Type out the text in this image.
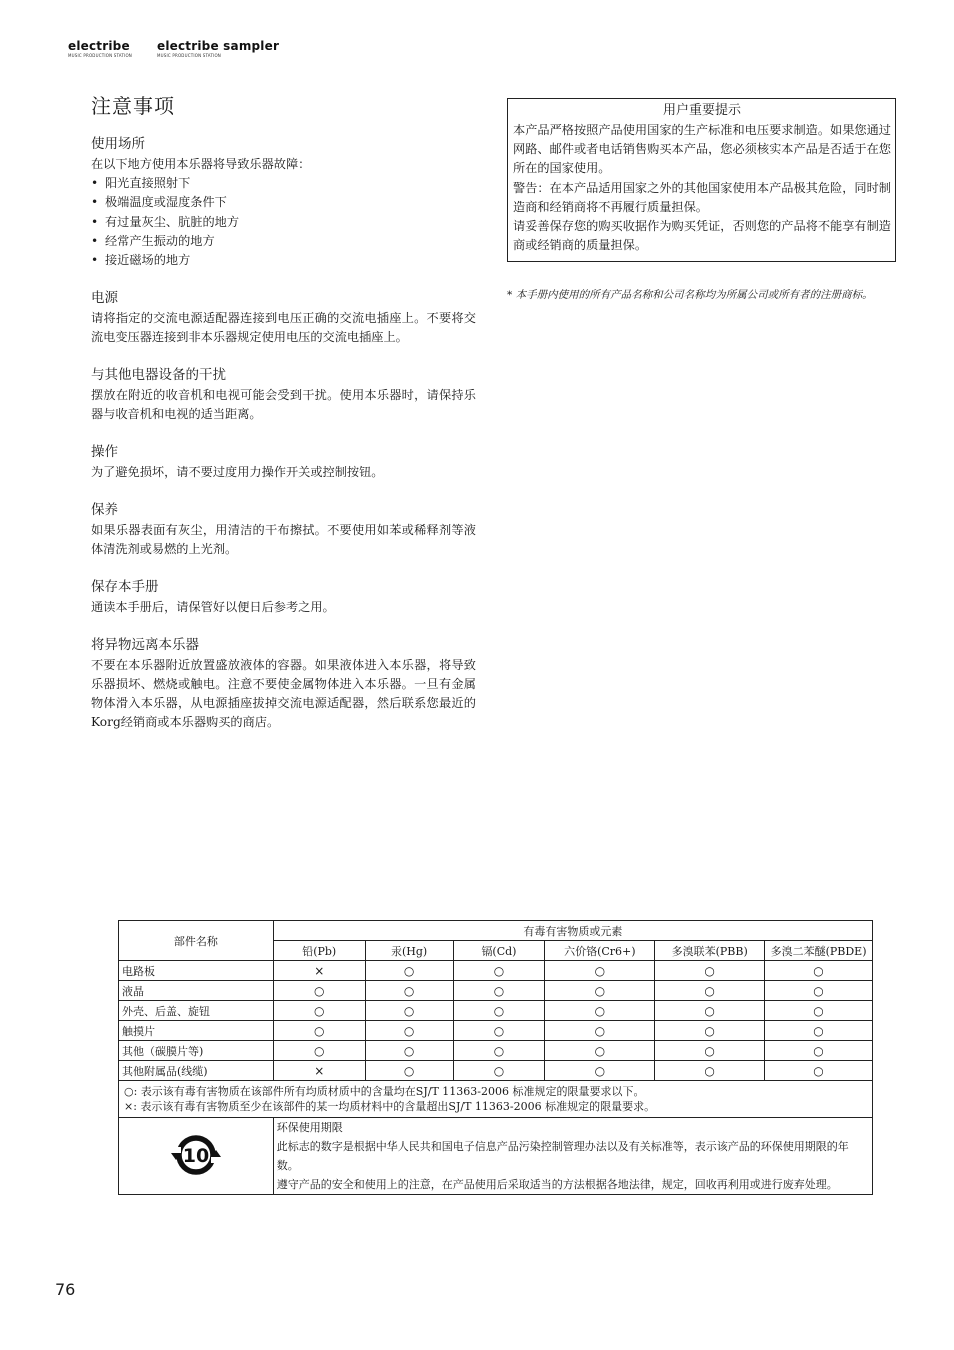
electribe
MUSIC PRODUCTION STATION
electribe sampler
MUSIC PRODUCTION STATION
注意事项
使用场所

在以下地方使用本乐器将导致乐器故障：

• 阳光直接照射下
• 极端温度或湿度条件下
• 有过量灰尘、肮脏的地方
• 经常产生振动的地方
• 接近磁场的地方
电源

请将指定的交流电源适配器连接到电压正确的交流电插座上。不要将交流电变压器连接到非本乐器规定使用电压的交流电插座上。

与其他电器设备的干扰

摆放在附近的收音机和电视可能会受到干扰。使用本乐器时，请保持乐器与收音机和电视的适当距离。

操作

为了避免损坏，请不要过度用力操作开关或控制按钮。

保养

如果乐器表面有灰尘，用清洁的干布擦拭。不要使用如苯或稀释剂等液体清洗剂或易燃的上光剂。

保存本手册

通读本手册后，请保管好以便日后参考之用。

将异物远离本乐器

不要在本乐器附近放置盛放液体的容器。如果液体进入本乐器，将导致乐器损坏、燃烧或触电。注意不要使金属物体进入本乐器。一旦有金属物体滑入本乐器，从电源插座拔掉交流电源适配器，然后联系您最近的Korg经销商或本乐器购买的商店。

用户重要提示

本产品严格按照产品使用国家的生产标准和电压要求制造。如果您通过网路、邮件或者电话销售购买本产品，您必须核实本产品是否适于在您所在的国家使用。

警告：在本产品适用国家之外的其他国家使用本产品极其危险，同时制造商和经销商将不再履行质量担保。

请妥善保存您的购买收据作为购买凭证，否则您的产品将不能享有制造商或经销商的质量担保。

* 本手册内使用的所有产品名称和公司名称均为所属公司或所有者的注册商标。
部件名称	有毒有害物质或元素					
	铅(Pb)	汞(Hg)	镉(Cd)	六价铬(Cr6+)	多溴联苯(PBB)	多溴二苯醚(PBDE)
电路板	×	○	○	○	○	○
液晶	○	○	○	○	○	○
外壳、后盖、旋钮	○	○	○	○	○	○
触摸片	○	○	○	○	○	○
其他（碳膜片等)	○	○	○	○	○	○
其他附属品(线缆)	×	○	○	○	○	○

○: 表示该有毒有害物质在该部件所有均质材质中的含量均在SJ/T 11363-2006 标准规定的限量要求以下。
×: 表示该有毒有害物质至少在该部件的某一均质材料中的含量超出SJ/T 11363-2006 标准规定的限量要求。						

10	环保使用期限
此标志的数字是根据中华人民共和国电子信息产品污染控制管理办法以及有关标准等，表示该产品的环保使用期限的年数。
遵守产品的安全和使用上的注意，在产品使用后采取适当的方法根据各地法律，规定，回收再利用或进行废弃处理。					
76
